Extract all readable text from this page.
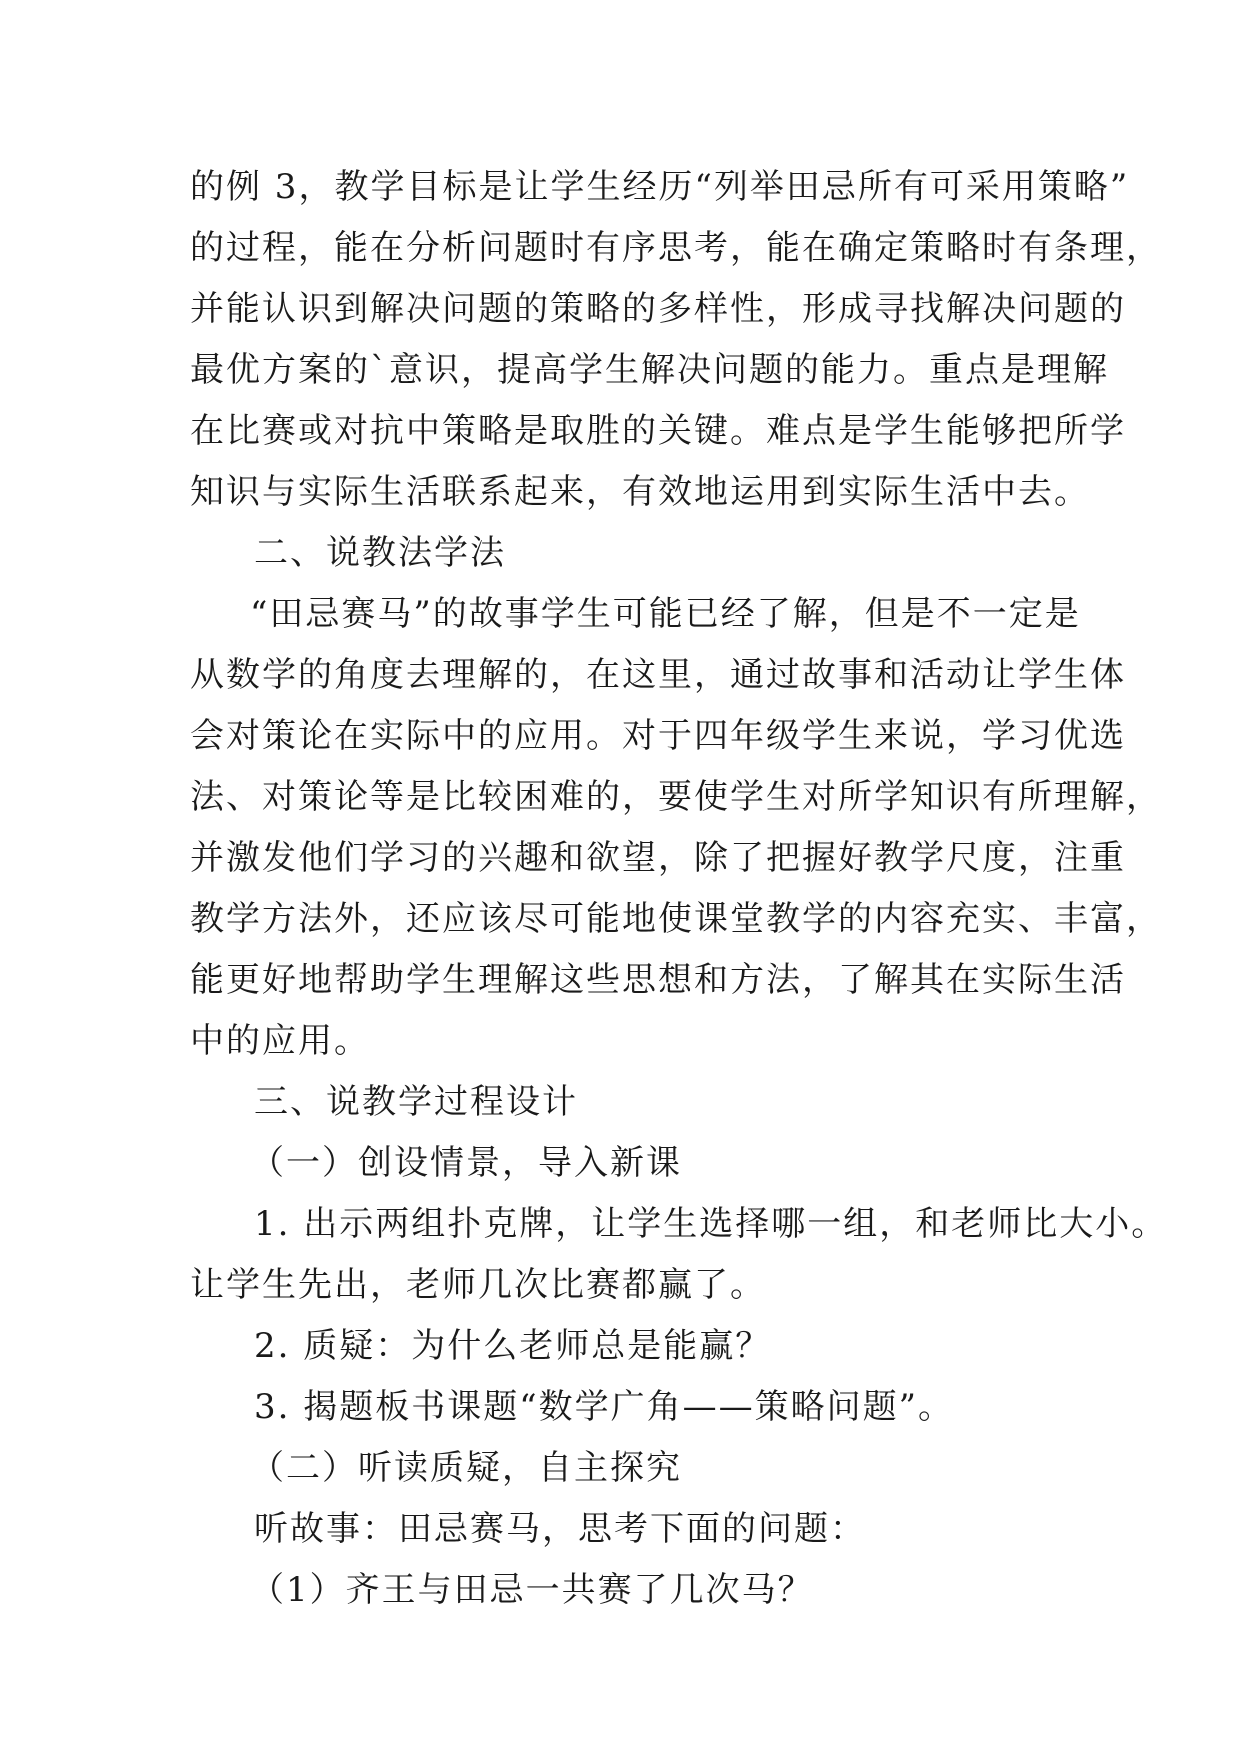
的例 3，教学目标是让学生经历“列举田忌所有可采用策略”
的过程，能在分析问题时有序思考，能在确定策略时有条理，
并能认识到解决问题的策略的多样性，形成寻找解决问题的
最优方案的`意识，提高学生解决问题的能力。重点是理解
在比赛或对抗中策略是取胜的关键。难点是学生能够把所学
知识与实际生活联系起来，有效地运用到实际生活中去。
二、说教法学法
“田忌赛马”的故事学生可能已经了解，但是不一定是
从数学的角度去理解的，在这里，通过故事和活动让学生体
会对策论在实际中的应用。对于四年级学生来说，学习优选
法、对策论等是比较困难的，要使学生对所学知识有所理解，
并激发他们学习的兴趣和欲望，除了把握好教学尺度，注重
教学方法外，还应该尽可能地使课堂教学的内容充实、丰富，
能更好地帮助学生理解这些思想和方法，了解其在实际生活
中的应用。
三、说教学过程设计
（一）创设情景，导入新课
1. 出示两组扑克牌，让学生选择哪一组，和老师比大小。
让学生先出，老师几次比赛都赢了。
2. 质疑：为什么老师总是能赢？
3. 揭题板书课题“数学广角——策略问题”。
（二）听读质疑，自主探究
听故事：田忌赛马，思考下面的问题：
（1）齐王与田忌一共赛了几次马？
